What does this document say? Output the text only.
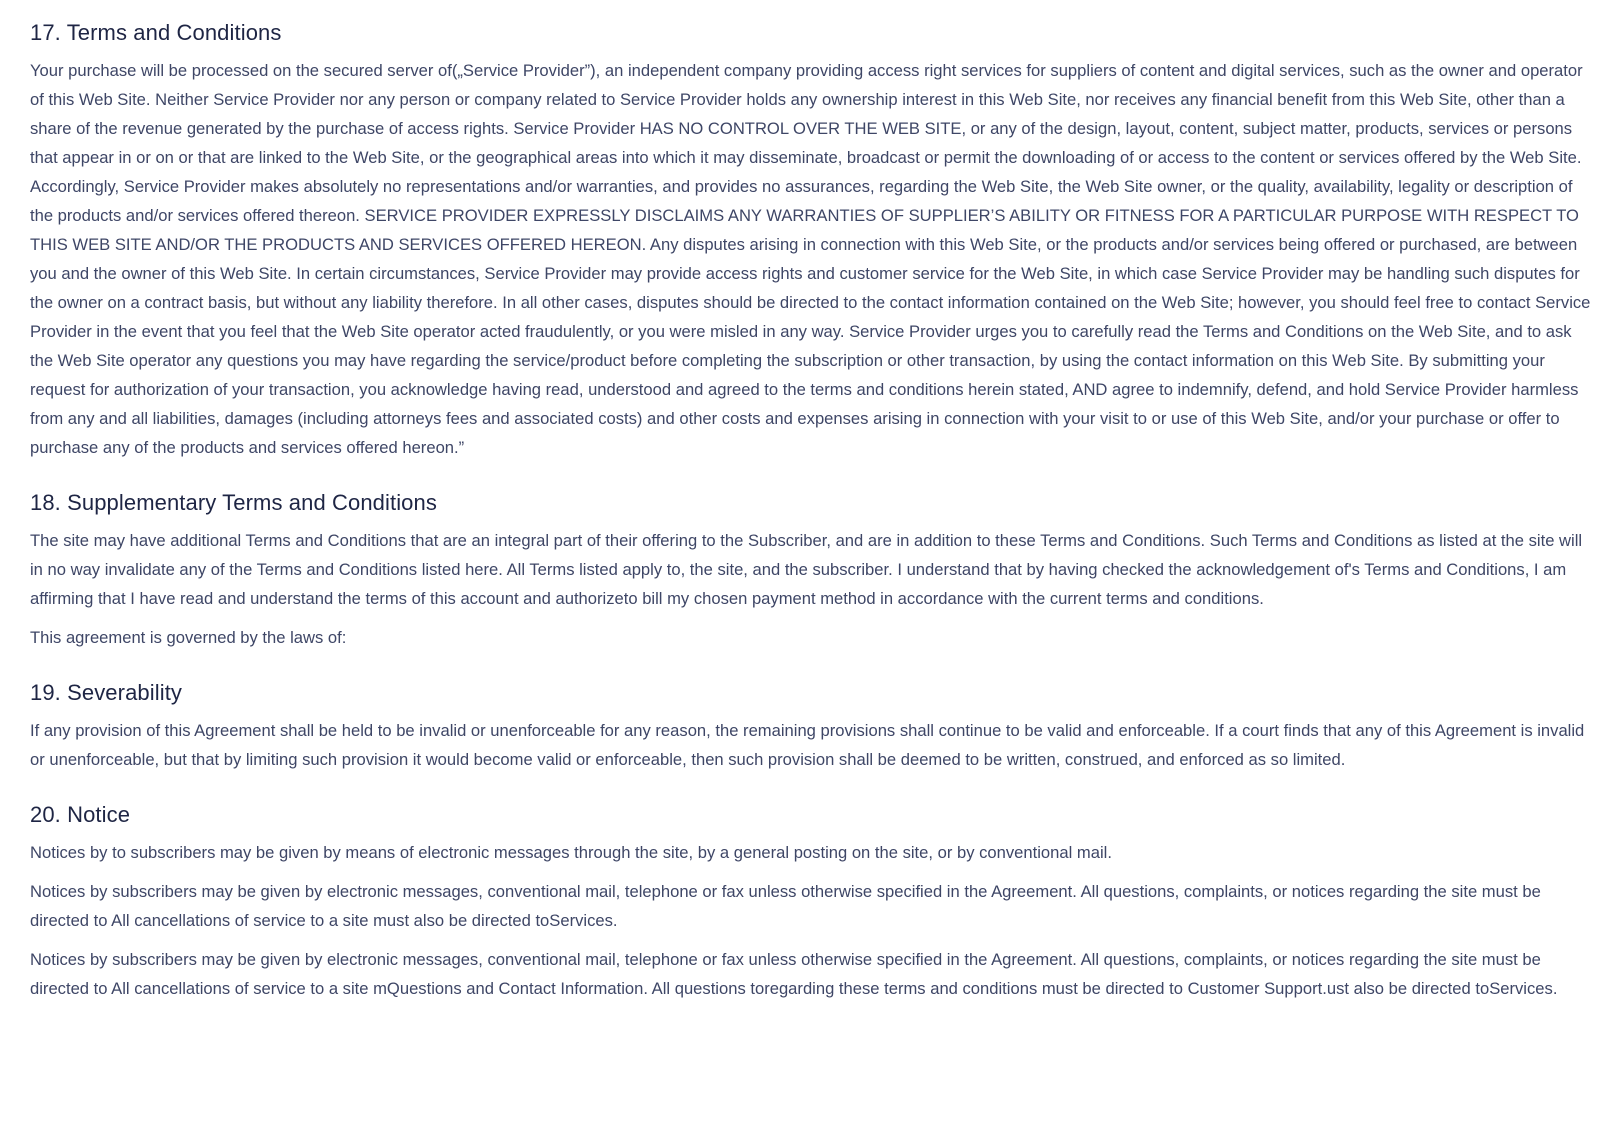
17. Terms and Conditions

Your purchase will be processed on the secured server of(„Service Provider”), an independent company providing access right services for suppliers of content and digital services, such as the owner and operator of this Web Site. Neither Service Provider nor any person or company related to Service Provider holds any ownership interest in this Web Site, nor receives any financial benefit from this Web Site, other than a share of the revenue generated by the purchase of access rights. Service Provider HAS NO CONTROL OVER THE WEB SITE, or any of the design, layout, content, subject matter, products, services or persons that appear in or on or that are linked to the Web Site, or the geographical areas into which it may disseminate, broadcast or permit the downloading of or access to the content or services offered by the Web Site. Accordingly, Service Provider makes absolutely no representations and/or warranties, and provides no assurances, regarding the Web Site, the Web Site owner, or the quality, availability, legality or description of the products and/or services offered thereon. SERVICE PROVIDER EXPRESSLY DISCLAIMS ANY WARRANTIES OF SUPPLIER’S ABILITY OR FITNESS FOR A PARTICULAR PURPOSE WITH RESPECT TO THIS WEB SITE AND/OR THE PRODUCTS AND SERVICES OFFERED HEREON. Any disputes arising in connection with this Web Site, or the products and/or services being offered or purchased, are between you and the owner of this Web Site. In certain circumstances, Service Provider may provide access rights and customer service for the Web Site, in which case Service Provider may be handling such disputes for the owner on a contract basis, but without any liability therefore. In all other cases, disputes should be directed to the contact information contained on the Web Site; however, you should feel free to contact Service Provider in the event that you feel that the Web Site operator acted fraudulently, or you were misled in any way. Service Provider urges you to carefully read the Terms and Conditions on the Web Site, and to ask the Web Site operator any questions you may have regarding the service/product before completing the subscription or other transaction, by using the contact information on this Web Site. By submitting your request for authorization of your transaction, you acknowledge having read, understood and agreed to the terms and conditions herein stated, AND agree to indemnify, defend, and hold Service Provider harmless from any and all liabilities, damages (including attorneys fees and associated costs) and other costs and expenses arising in connection with your visit to or use of this Web Site, and/or your purchase or offer to purchase any of the products and services offered hereon.”

18. Supplementary Terms and Conditions

The site may have additional Terms and Conditions that are an integral part of their offering to the Subscriber, and are in addition to these Terms and Conditions. Such Terms and Conditions as listed at the site will in no way invalidate any of the Terms and Conditions listed here. All Terms listed apply to, the site, and the subscriber. I understand that by having checked the acknowledgement of's Terms and Conditions, I am affirming that I have read and understand the terms of this account and authorizeto bill my chosen payment method in accordance with the current terms and conditions.

This agreement is governed by the laws of:

19. Severability

If any provision of this Agreement shall be held to be invalid or unenforceable for any reason, the remaining provisions shall continue to be valid and enforceable. If a court finds that any of this Agreement is invalid or unenforceable, but that by limiting such provision it would become valid or enforceable, then such provision shall be deemed to be written, construed, and enforced as so limited.

20. Notice

Notices by to subscribers may be given by means of electronic messages through the site, by a general posting on the site, or by conventional mail.

Notices by subscribers may be given by electronic messages, conventional mail, telephone or fax unless otherwise specified in the Agreement. All questions, complaints, or notices regarding the site must be directed to All cancellations of service to a site must also be directed toServices.

Notices by subscribers may be given by electronic messages, conventional mail, telephone or fax unless otherwise specified in the Agreement. All questions, complaints, or notices regarding the site must be directed to All cancellations of service to a site mQuestions and Contact Information. All questions toregarding these terms and conditions must be directed to Customer Support.ust also be directed toServices.
